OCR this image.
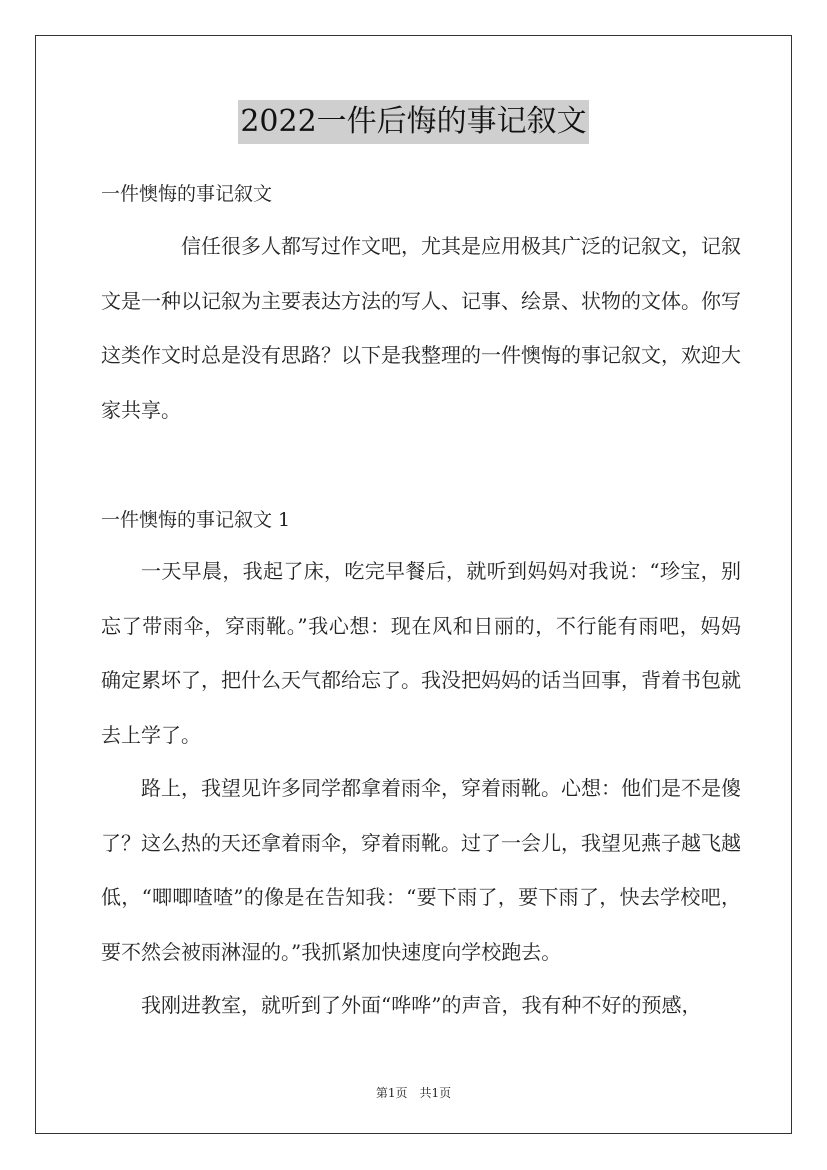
2022一件后悔的事记叙文
一件懊悔的事记叙文

信任很多人都写过作文吧，尤其是应用极其广泛的记叙文，记叙文是一种以记叙为主要表达方法的写人、记事、绘景、状物的文体。你写这类作文时总是没有思路？以下是我整理的一件懊悔的事记叙文，欢迎大家共享。

一件懊悔的事记叙文 1

一天早晨，我起了床，吃完早餐后，就听到妈妈对我说：“珍宝，别忘了带雨伞，穿雨靴。”我心想：现在风和日丽的，不行能有雨吧，妈妈确定累坏了，把什么天气都给忘了。我没把妈妈的话当回事，背着书包就去上学了。

路上，我望见许多同学都拿着雨伞，穿着雨靴。心想：他们是不是傻了？这么热的天还拿着雨伞，穿着雨靴。过了一会儿，我望见燕子越飞越低，“唧唧喳喳”的像是在告知我：“要下雨了，要下雨了，快去学校吧，要不然会被雨淋湿的。”我抓紧加快速度向学校跑去。

我刚进教室，就听到了外面“哗哗”的声音，我有种不好的预感，

第1页　共1页
